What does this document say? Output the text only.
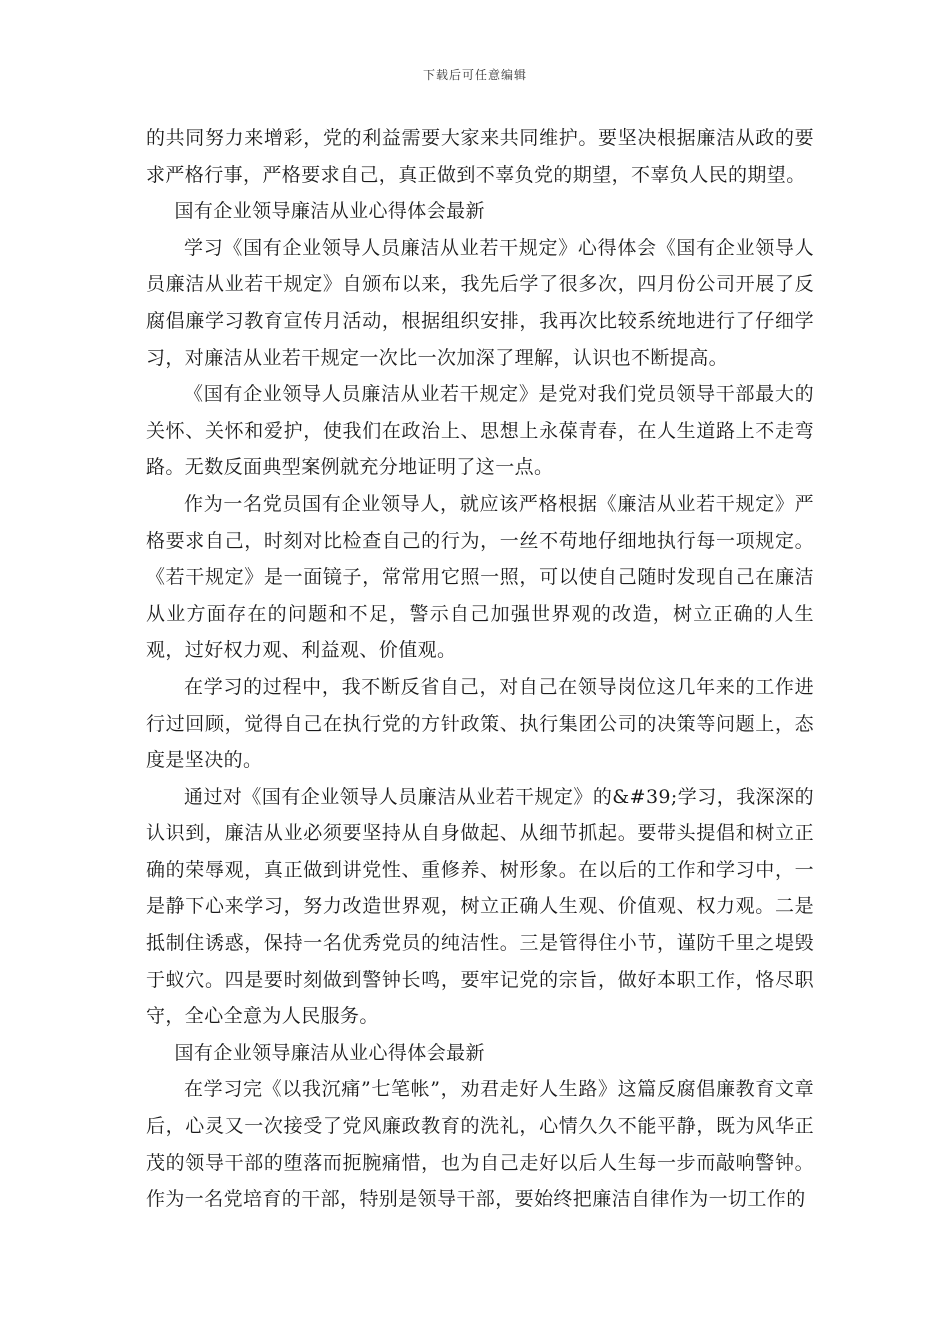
下载后可任意编辑

的共同努力来增彩，党的利益需要大家来共同维护。要坚决根据廉洁从政的要求严格行事，严格要求自己，真正做到不辜负党的期望，不辜负人民的期望。

国有企业领导廉洁从业心得体会最新

学习《国有企业领导人员廉洁从业若干规定》心得体会《国有企业领导人员廉洁从业若干规定》自颁布以来，我先后学了很多次，四月份公司开展了反腐倡廉学习教育宣传月活动，根据组织安排，我再次比较系统地进行了仔细学习，对廉洁从业若干规定一次比一次加深了理解，认识也不断提高。

《国有企业领导人员廉洁从业若干规定》是党对我们党员领导干部最大的关怀、关怀和爱护，使我们在政治上、思想上永葆青春，在人生道路上不走弯路。无数反面典型案例就充分地证明了这一点。

作为一名党员国有企业领导人，就应该严格根据《廉洁从业若干规定》严格要求自己，时刻对比检查自己的行为，一丝不苟地仔细地执行每一项规定。《若干规定》是一面镜子，常常用它照一照，可以使自己随时发现自己在廉洁从业方面存在的问题和不足，警示自己加强世界观的改造，树立正确的人生观，过好权力观、利益观、价值观。

在学习的过程中，我不断反省自己，对自己在领导岗位这几年来的工作进行过回顾，觉得自己在执行党的方针政策、执行集团公司的决策等问题上，态度是坚决的。

通过对《国有企业领导人员廉洁从业若干规定》的&#39;学习，我深深的认识到，廉洁从业必须要坚持从自身做起、从细节抓起。要带头提倡和树立正确的荣辱观，真正做到讲党性、重修养、树形象。在以后的工作和学习中，一是静下心来学习，努力改造世界观，树立正确人生观、价值观、权力观。二是抵制住诱惑，保持一名优秀党员的纯洁性。三是管得住小节，谨防千里之堤毁于蚁穴。四是要时刻做到警钟长鸣，要牢记党的宗旨，做好本职工作，恪尽职守，全心全意为人民服务。

国有企业领导廉洁从业心得体会最新

在学习完《以我沉痛”七笔帐”，劝君走好人生路》这篇反腐倡廉教育文章后，心灵又一次接受了党风廉政教育的洗礼，心情久久不能平静，既为风华正茂的领导干部的堕落而扼腕痛惜，也为自己走好以后人生每一步而敲响警钟。作为一名党培育的干部，特别是领导干部，要始终把廉洁自律作为一切工作的
